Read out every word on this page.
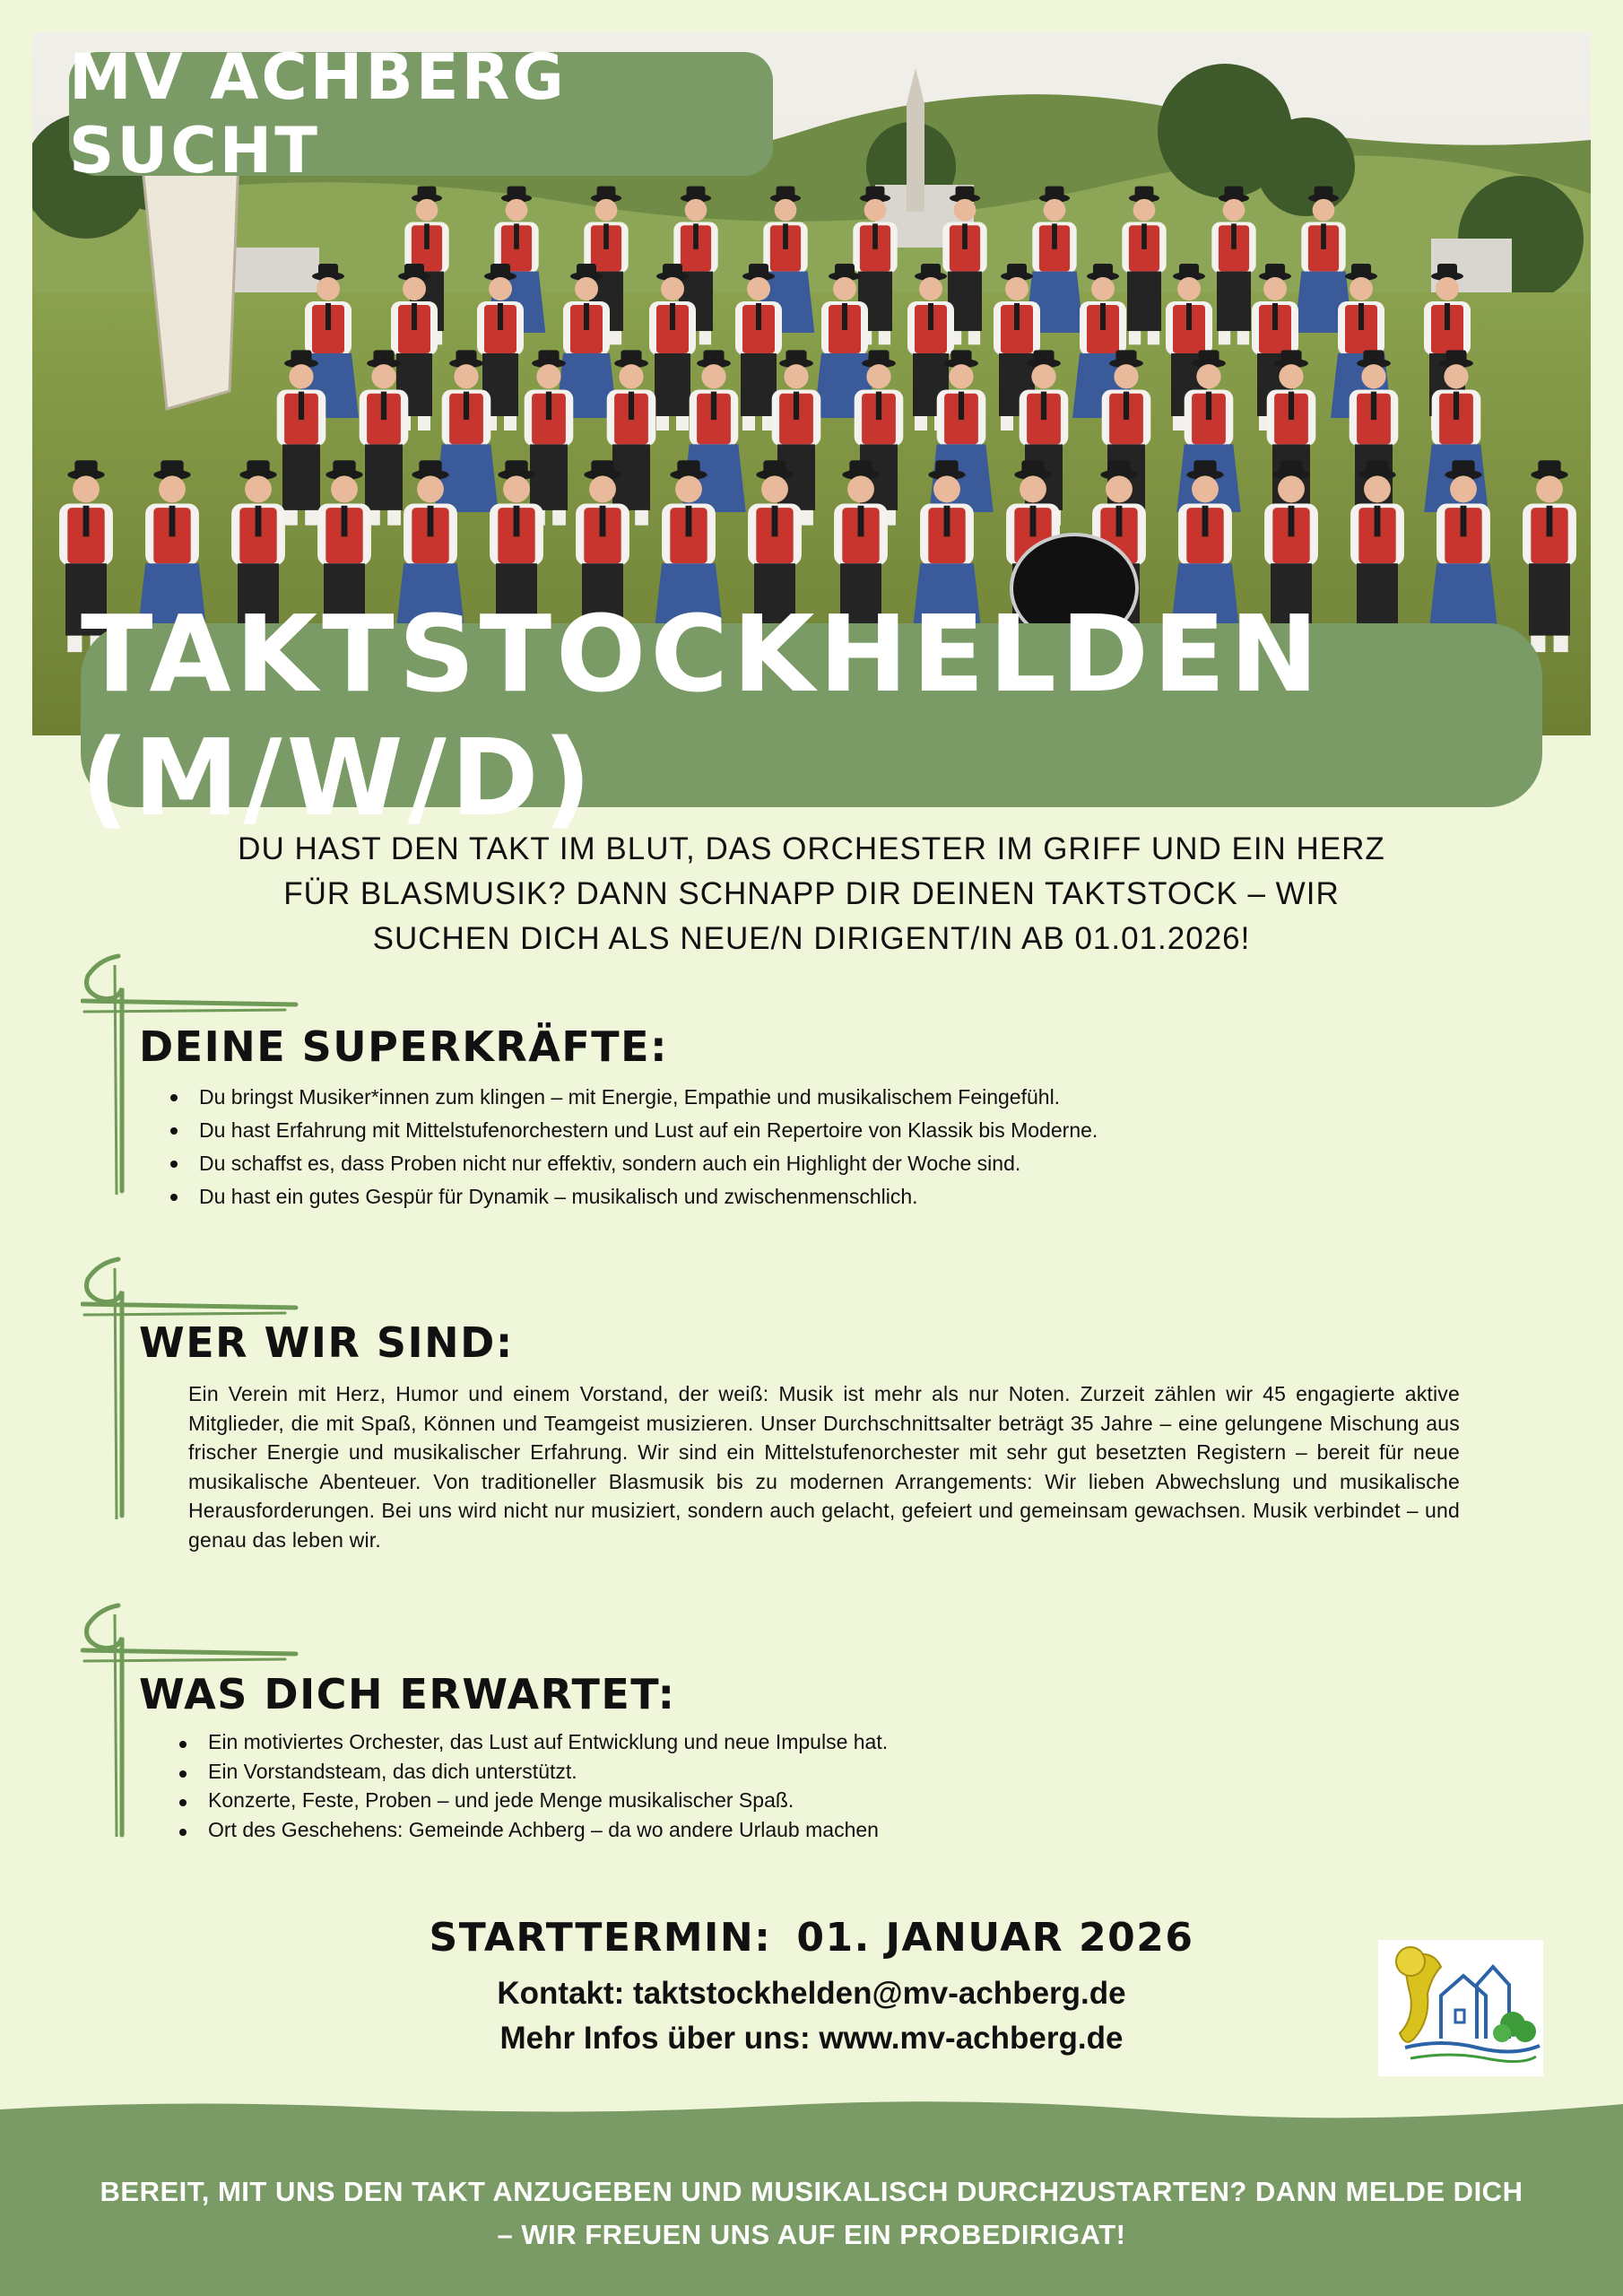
MV ACHBERG SUCHT
TAKTSTOCKHELDEN (M/W/D)
DU HAST DEN TAKT IM BLUT, DAS ORCHESTER IM GRIFF UND EIN HERZ
FÜR BLASMUSIK? DANN SCHNAPP DIR DEINEN TAKTSTOCK – WIR
SUCHEN DICH ALS NEUE/N DIRIGENT/IN AB 01.01.2026!
DEINE SUPERKRÄFTE:
Du bringst Musiker*innen zum klingen – mit Energie, Empathie und musikalischem Feingefühl.
Du hast Erfahrung mit Mittelstufenorchestern und Lust auf ein Repertoire von Klassik bis Moderne.
Du schaffst es, dass Proben nicht nur effektiv, sondern auch ein Highlight der Woche sind.
Du hast ein gutes Gespür für Dynamik – musikalisch und zwischenmenschlich.
WER WIR SIND:

Ein Verein mit Herz, Humor und einem Vorstand, der weiß: Musik ist mehr als nur Noten. Zurzeit zählen wir 45 engagierte aktive Mitglieder, die mit Spaß, Können und Teamgeist musizieren. Unser Durchschnittsalter beträgt 35 Jahre – eine gelungene Mischung aus frischer Energie und musikalischer Erfahrung. Wir sind ein Mittelstufenorchester mit sehr gut besetzten Registern – bereit für neue musikalische Abenteuer. Von traditioneller Blasmusik bis zu modernen Arrangements: Wir lieben Abwechslung und musikalische Herausforderungen. Bei uns wird nicht nur musiziert, sondern auch gelacht, gefeiert und gemeinsam gewachsen. Musik verbindet – und genau das leben wir.

WAS DICH ERWARTET:
Ein motiviertes Orchester, das Lust auf Entwicklung und neue Impulse hat.
Ein Vorstandsteam, das dich unterstützt.
Konzerte, Feste, Proben – und jede Menge musikalischer Spaß.
Ort des Geschehens: Gemeinde Achberg – da wo andere Urlaub machen
STARTTERMIN: 01. JANUAR 2026
Kontakt: taktstockhelden@mv-achberg.de
Mehr Infos über uns: www.mv-achberg.de
BEREIT, MIT UNS DEN TAKT ANZUGEBEN UND MUSIKALISCH DURCHZUSTARTEN? DANN MELDE DICH
– WIR FREUEN UNS AUF EIN PROBEDIRIGAT!
